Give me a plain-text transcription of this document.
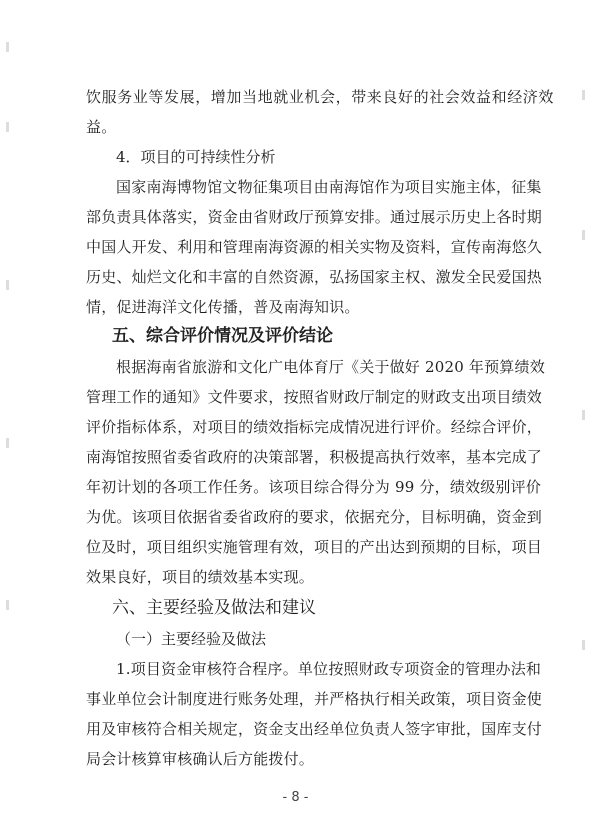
饮服务业等发展，增加当地就业机会，带来良好的社会效益和经济效
益。
4．项目的可持续性分析
国家南海博物馆文物征集项目由南海馆作为项目实施主体，征集
部负责具体落实，资金由省财政厅预算安排。通过展示历史上各时期
中国人开发、利用和管理南海资源的相关实物及资料，宣传南海悠久
历史、灿烂文化和丰富的自然资源，弘扬国家主权、激发全民爱国热
情，促进海洋文化传播，普及南海知识。
五、综合评价情况及评价结论
根据海南省旅游和文化广电体育厅《关于做好 2020 年预算绩效
管理工作的通知》文件要求，按照省财政厅制定的财政支出项目绩效
评价指标体系，对项目的绩效指标完成情况进行评价。经综合评价，
南海馆按照省委省政府的决策部署，积极提高执行效率，基本完成了
年初计划的各项工作任务。该项目综合得分为 99 分，绩效级别评价
为优。该项目依据省委省政府的要求，依据充分，目标明确，资金到
位及时，项目组织实施管理有效，项目的产出达到预期的目标，项目
效果良好，项目的绩效基本实现。
六、主要经验及做法和建议
（一）主要经验及做法
1.项目资金审核符合程序。单位按照财政专项资金的管理办法和
事业单位会计制度进行账务处理，并严格执行相关政策，项目资金使
用及审核符合相关规定，资金支出经单位负责人签字审批，国库支付
局会计核算审核确认后方能拨付。
- 8 -
